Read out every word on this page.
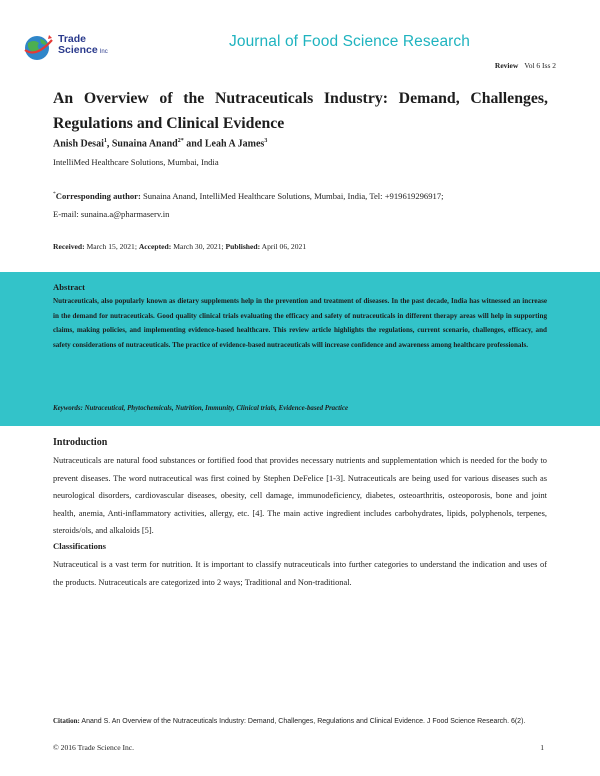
Trade
Science Inc
Journal of Food Science Research
Review Vol 6 Iss 2
An Overview of the Nutraceuticals Industry: Demand, Challenges, Regulations and Clinical Evidence
Anish Desai$^1$, Sunaina Anand$^{2*}$ and Leah A James$^3$
IntelliMed Healthcare Solutions, Mumbai, India
*Corresponding author: Sunaina Anand, IntelliMed Healthcare Solutions, Mumbai, India, Tel: +919619296917;
E-mail: sunaina.a@pharmaserv.in
Received: March 15, 2021; Accepted: March 30, 2021; Published: April 06, 2021
Abstract
Nutraceuticals, also popularly known as dietary supplements help in the prevention and treatment of diseases. In the past decade, India has witnessed an increase in the demand for nutraceuticals. Good quality clinical trials evaluating the efficacy and safety of nutraceuticals in different therapy areas will help in supporting claims, making policies, and implementing evidence-based healthcare. This review article highlights the regulations, current scenario, challenges, efficacy, and safety considerations of nutraceuticals. The practice of evidence-based nutraceuticals will increase confidence and awareness among healthcare professionals.
Keywords: Nutraceutical, Phytochemicals, Nutrition, Immunity, Clinical trials, Evidence-based Practice
Introduction
Nutraceuticals are natural food substances or fortified food that provides necessary nutrients and supplementation which is needed for the body to prevent diseases. The word nutraceutical was first coined by Stephen DeFelice [1-3]. Nutraceuticals are being used for various diseases such as neurological disorders, cardiovascular diseases, obesity, cell damage, immunodeficiency, diabetes, osteoarthritis, osteoporosis, bone and joint health, anemia, Anti-inflammatory activities, allergy, etc. [4]. The main active ingredient includes carbohydrates, lipids, polyphenols, terpenes, steroids/ols, and alkaloids [5].
Classifications
Nutraceutical is a vast term for nutrition. It is important to classify nutraceuticals into further categories to understand the indication and uses of the products. Nutraceuticals are categorized into 2 ways; Traditional and Non-traditional.
Citation: Anand S. An Overview of the Nutraceuticals Industry: Demand, Challenges, Regulations and Clinical Evidence. J Food Science Research. 6(2).
© 2016 Trade Science Inc.	1
